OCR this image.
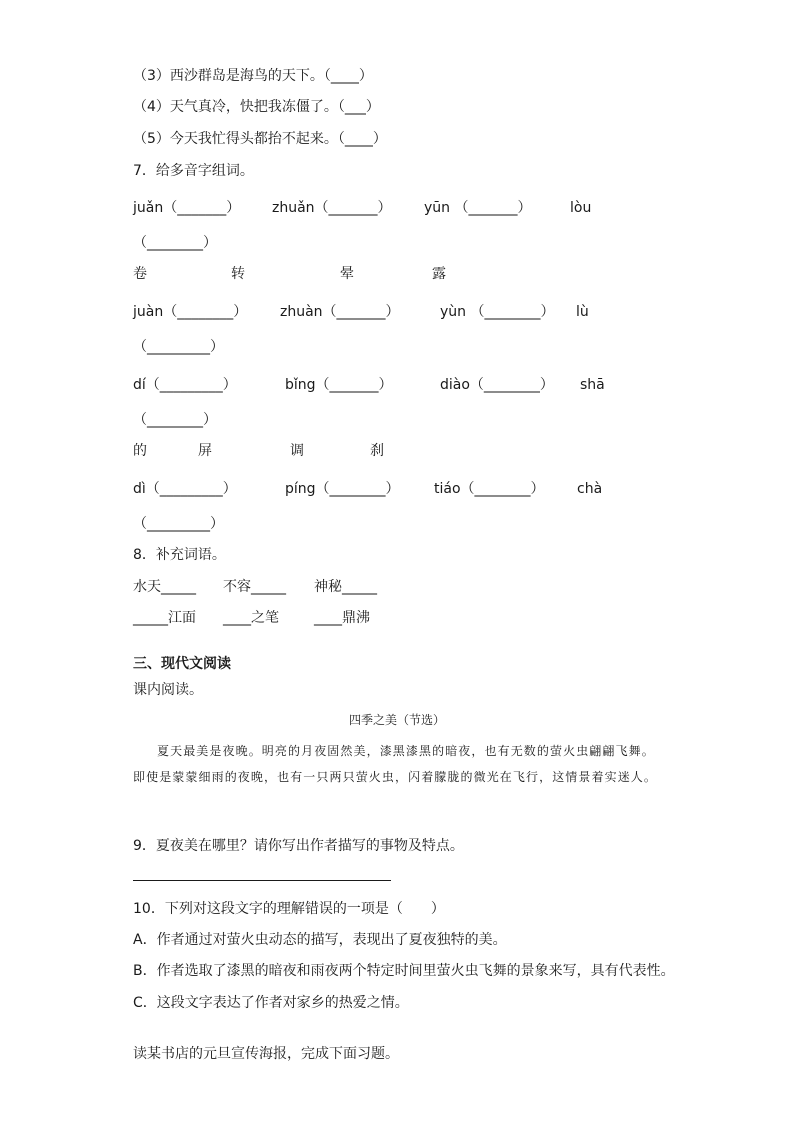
（3）西沙群岛是海鸟的天下。（____）
（4）天气真冷，快把我冻僵了。（___）
（5）今天我忙得头都抬不起来。（____）
7．给多音字组词。
juǎn（_______） zhuǎn（_______） yūn （_______）	lòu
（________）
卷	转	晕	露
juàn（________） zhuàn（_______）	yùn （________） lù
（_________）
dí（_________）	bǐng（_______）	diào（________） shā
（________）
的	屏	调	刹
dì（_________）	píng（________） tiáo（________） chà
（_________）
8．补充词语。
水天_____ 不容_____ 神秘_____
_____江面 ____之笔	____鼎沸
三、现代文阅读
课内阅读。
四季之美（节选）
夏天最美是夜晚。明亮的月夜固然美，漆黑漆黑的暗夜，也有无数的萤火虫翩翩飞舞。即使是蒙蒙细雨的夜晚，也有一只两只萤火虫，闪着朦胧的微光在飞行，这情景着实迷人。
9．夏夜美在哪里？请你写出作者描写的事物及特点。
10．下列对这段文字的理解错误的一项是（　　）
A．作者通过对萤火虫动态的描写，表现出了夏夜独特的美。
B．作者选取了漆黑的暗夜和雨夜两个特定时间里萤火虫飞舞的景象来写，具有代表性。
C．这段文字表达了作者对家乡的热爱之情。
读某书店的元旦宣传海报，完成下面习题。
